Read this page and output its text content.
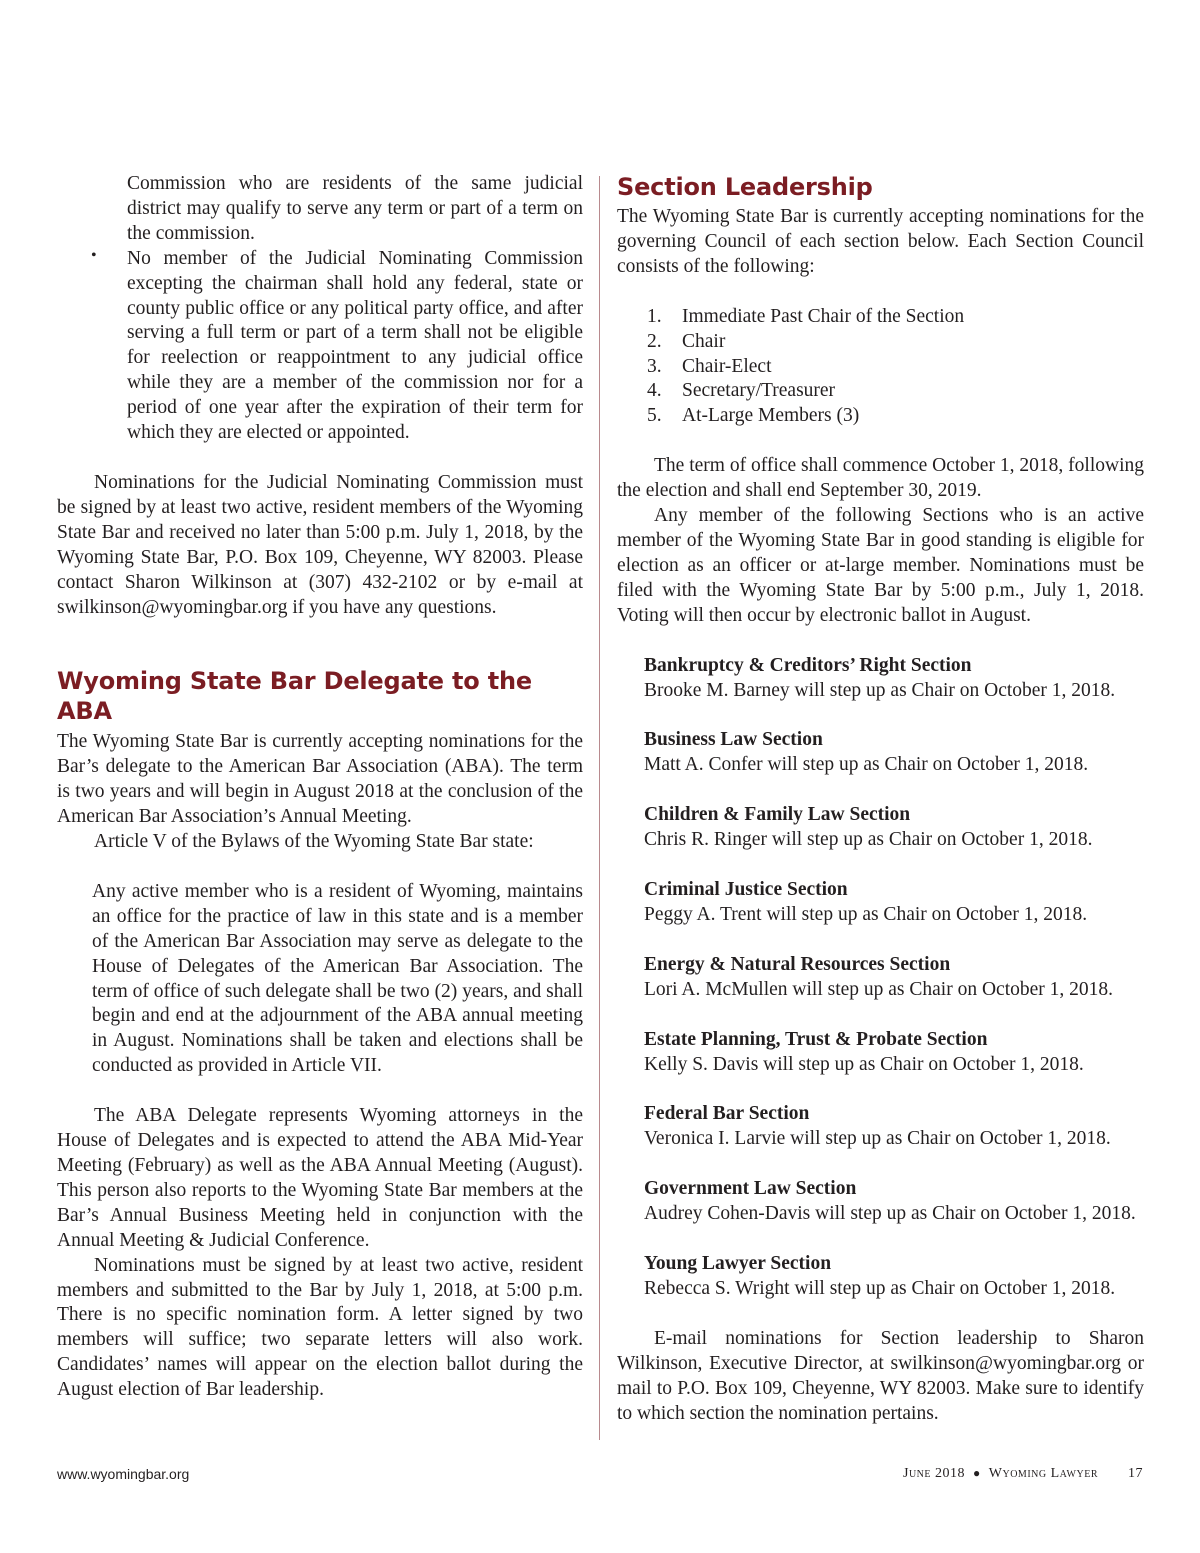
Commission who are residents of the same judicial district may qualify to serve any term or part of a term on the commission.

• No member of the Judicial Nominating Commission excepting the chairman shall hold any federal, state or county public office or any political party office, and after serving a full term or part of a term shall not be eligible for reelection or reappointment to any judicial office while they are a member of the commission nor for a period of one year after the expiration of their term for which they are elected or appointed.

Nominations for the Judicial Nominating Commission must be signed by at least two active, resident members of the Wyoming State Bar and received no later than 5:00 p.m. July 1, 2018, by the Wyoming State Bar, P.O. Box 109, Cheyenne, WY 82003. Please contact Sharon Wilkinson at (307) 432-2102 or by e-mail at swilkinson@wyomingbar.org if you have any questions.

Wyoming State Bar Delegate to the ABA

The Wyoming State Bar is currently accepting nominations for the Bar’s delegate to the American Bar Association (ABA). The term is two years and will begin in August 2018 at the conclusion of the American Bar Association’s Annual Meeting.

Article V of the Bylaws of the Wyoming State Bar state:

Any active member who is a resident of Wyoming, maintains an office for the practice of law in this state and is a member of the American Bar Association may serve as delegate to the House of Delegates of the American Bar Association. The term of office of such delegate shall be two (2) years, and shall begin and end at the adjournment of the ABA annual meeting in August. Nominations shall be taken and elections shall be conducted as provided in Article VII.

The ABA Delegate represents Wyoming attorneys in the House of Delegates and is expected to attend the ABA Mid-Year Meeting (February) as well as the ABA Annual Meeting (August). This person also reports to the Wyoming State Bar members at the Bar’s Annual Business Meeting held in conjunction with the Annual Meeting & Judicial Conference.

Nominations must be signed by at least two active, resident members and submitted to the Bar by July 1, 2018, at 5:00 p.m. There is no specific nomination form. A letter signed by two members will suffice; two separate letters will also work. Candidates’ names will appear on the election ballot during the August election of Bar leadership.

Section Leadership

The Wyoming State Bar is currently accepting nominations for the governing Council of each section below. Each Section Council consists of the following:

1. Immediate Past Chair of the Section
2. Chair
3. Chair-Elect
4. Secretary/Treasurer
5. At-Large Members (3)

The term of office shall commence October 1, 2018, following the election and shall end September 30, 2019.

Any member of the following Sections who is an active member of the Wyoming State Bar in good standing is eligible for election as an officer or at-large member. Nominations must be filed with the Wyoming State Bar by 5:00 p.m., July 1, 2018. Voting will then occur by electronic ballot in August.

Bankruptcy & Creditors’ Right Section

Brooke M. Barney will step up as Chair on October 1, 2018.

Business Law Section

Matt A. Confer will step up as Chair on October 1, 2018.

Children & Family Law Section

Chris R. Ringer will step up as Chair on October 1, 2018.

Criminal Justice Section

Peggy A. Trent will step up as Chair on October 1, 2018.

Energy & Natural Resources Section

Lori A. McMullen will step up as Chair on October 1, 2018.

Estate Planning, Trust & Probate Section

Kelly S. Davis will step up as Chair on October 1, 2018.

Federal Bar Section

Veronica I. Larvie will step up as Chair on October 1, 2018.

Government Law Section

Audrey Cohen-Davis will step up as Chair on October 1, 2018.

Young Lawyer Section

Rebecca S. Wright will step up as Chair on October 1, 2018.

E-mail nominations for Section leadership to Sharon Wilkinson, Executive Director, at swilkinson@wyomingbar.org or mail to P.O. Box 109, Cheyenne, WY 82003. Make sure to identify to which section the nomination pertains.

www.wyomingbar.org	June 2018 ● Wyoming Lawyer 17
